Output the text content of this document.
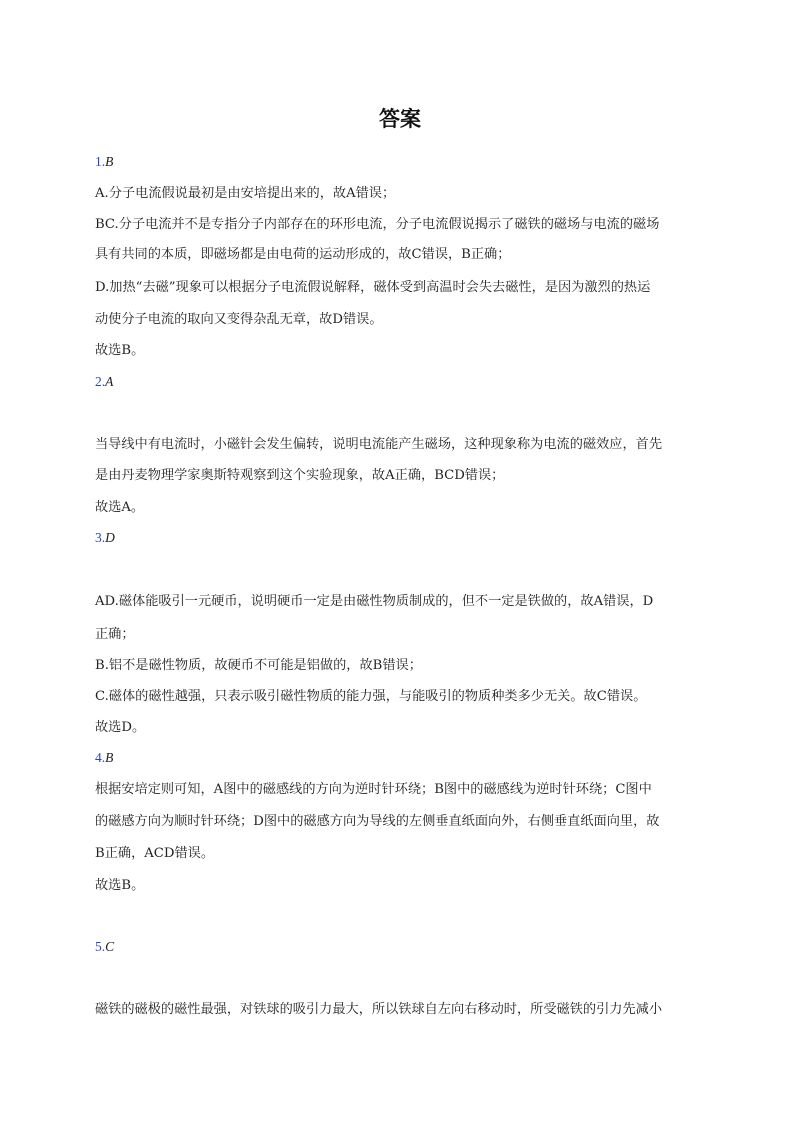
答案
1.B
A.分子电流假说最初是由安培提出来的，故A错误；
BC.分子电流并不是专指分子内部存在的环形电流，分子电流假说揭示了磁铁的磁场与电流的磁场
具有共同的本质，即磁场都是由电荷的运动形成的，故C错误，B正确；
D.加热“去磁”现象可以根据分子电流假说解释，磁体受到高温时会失去磁性，是因为激烈的热运
动使分子电流的取向又变得杂乱无章，故D错误。
故选B。
2.A
当导线中有电流时，小磁针会发生偏转，说明电流能产生磁场，这种现象称为电流的磁效应，首先
是由丹麦物理学家奥斯特观察到这个实验现象，故A正确，BCD错误；
故选A。
3.D
AD.磁体能吸引一元硬币，说明硬币一定是由磁性物质制成的，但不一定是铁做的，故A错误，D
正确；
B.铝不是磁性物质，故硬币不可能是铝做的，故B错误；
C.磁体的磁性越强，只表示吸引磁性物质的能力强，与能吸引的物质种类多少无关。故C错误。
故选D。
4.B
根据安培定则可知，A图中的磁感线的方向为逆时针环绕；B图中的磁感线为逆时针环绕；C图中
的磁感方向为顺时针环绕；D图中的磁感方向为导线的左侧垂直纸面向外，右侧垂直纸面向里，故
B正确，ACD错误。
故选B。
5.C
磁铁的磁极的磁性最强，对铁球的吸引力最大，所以铁球自左向右移动时，所受磁铁的引力先减小
